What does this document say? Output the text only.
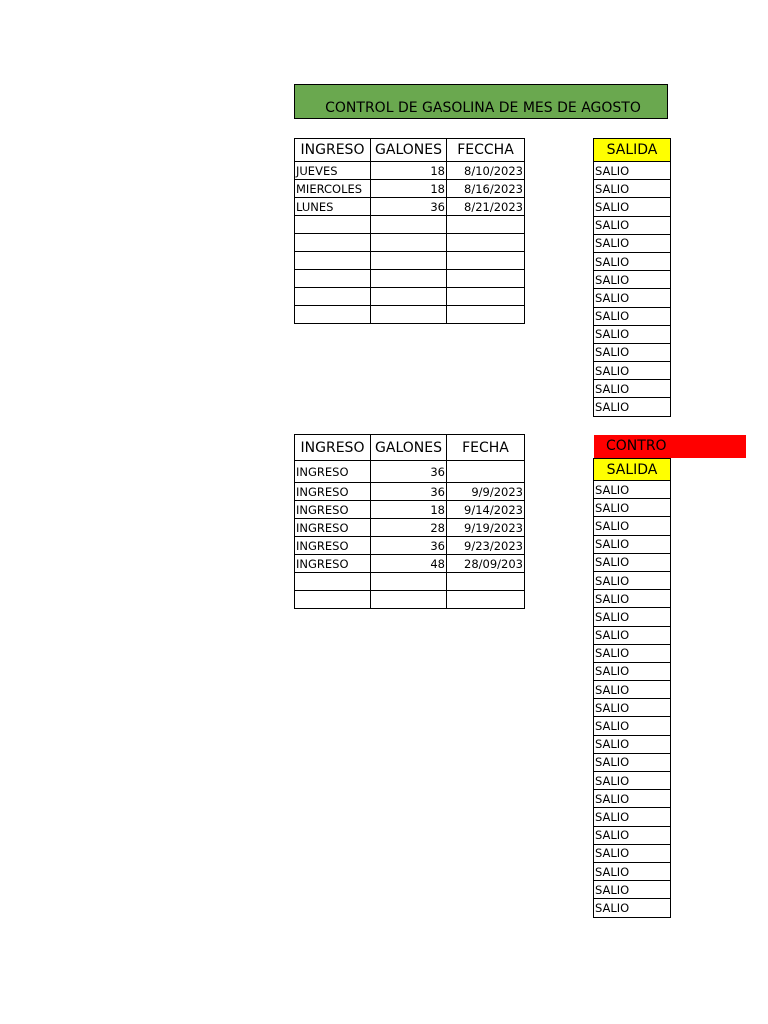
CONTROL DE GASOLINA DE MES DE AGOSTO
INGRESO	GALONES	FECCHA
JUEVES	18	8/10/2023
MIERCOLES	18	8/16/2023
LUNES	36	8/21/2023

SALIDA
SALIO
SALIO
SALIO
SALIO
SALIO
SALIO
SALIO
SALIO
SALIO
SALIO
SALIO
SALIO
SALIO
SALIO
INGRESO	GALONES	FECHA
INGRESO	36	
INGRESO	36	9/9/2023
INGRESO	18	9/14/2023
INGRESO	28	9/19/2023
INGRESO	36	9/23/2023
INGRESO	48	28/09/203

CONTRO
SALIDA
SALIO
SALIO
SALIO
SALIO
SALIO
SALIO
SALIO
SALIO
SALIO
SALIO
SALIO
SALIO
SALIO
SALIO
SALIO
SALIO
SALIO
SALIO
SALIO
SALIO
SALIO
SALIO
SALIO
SALIO
